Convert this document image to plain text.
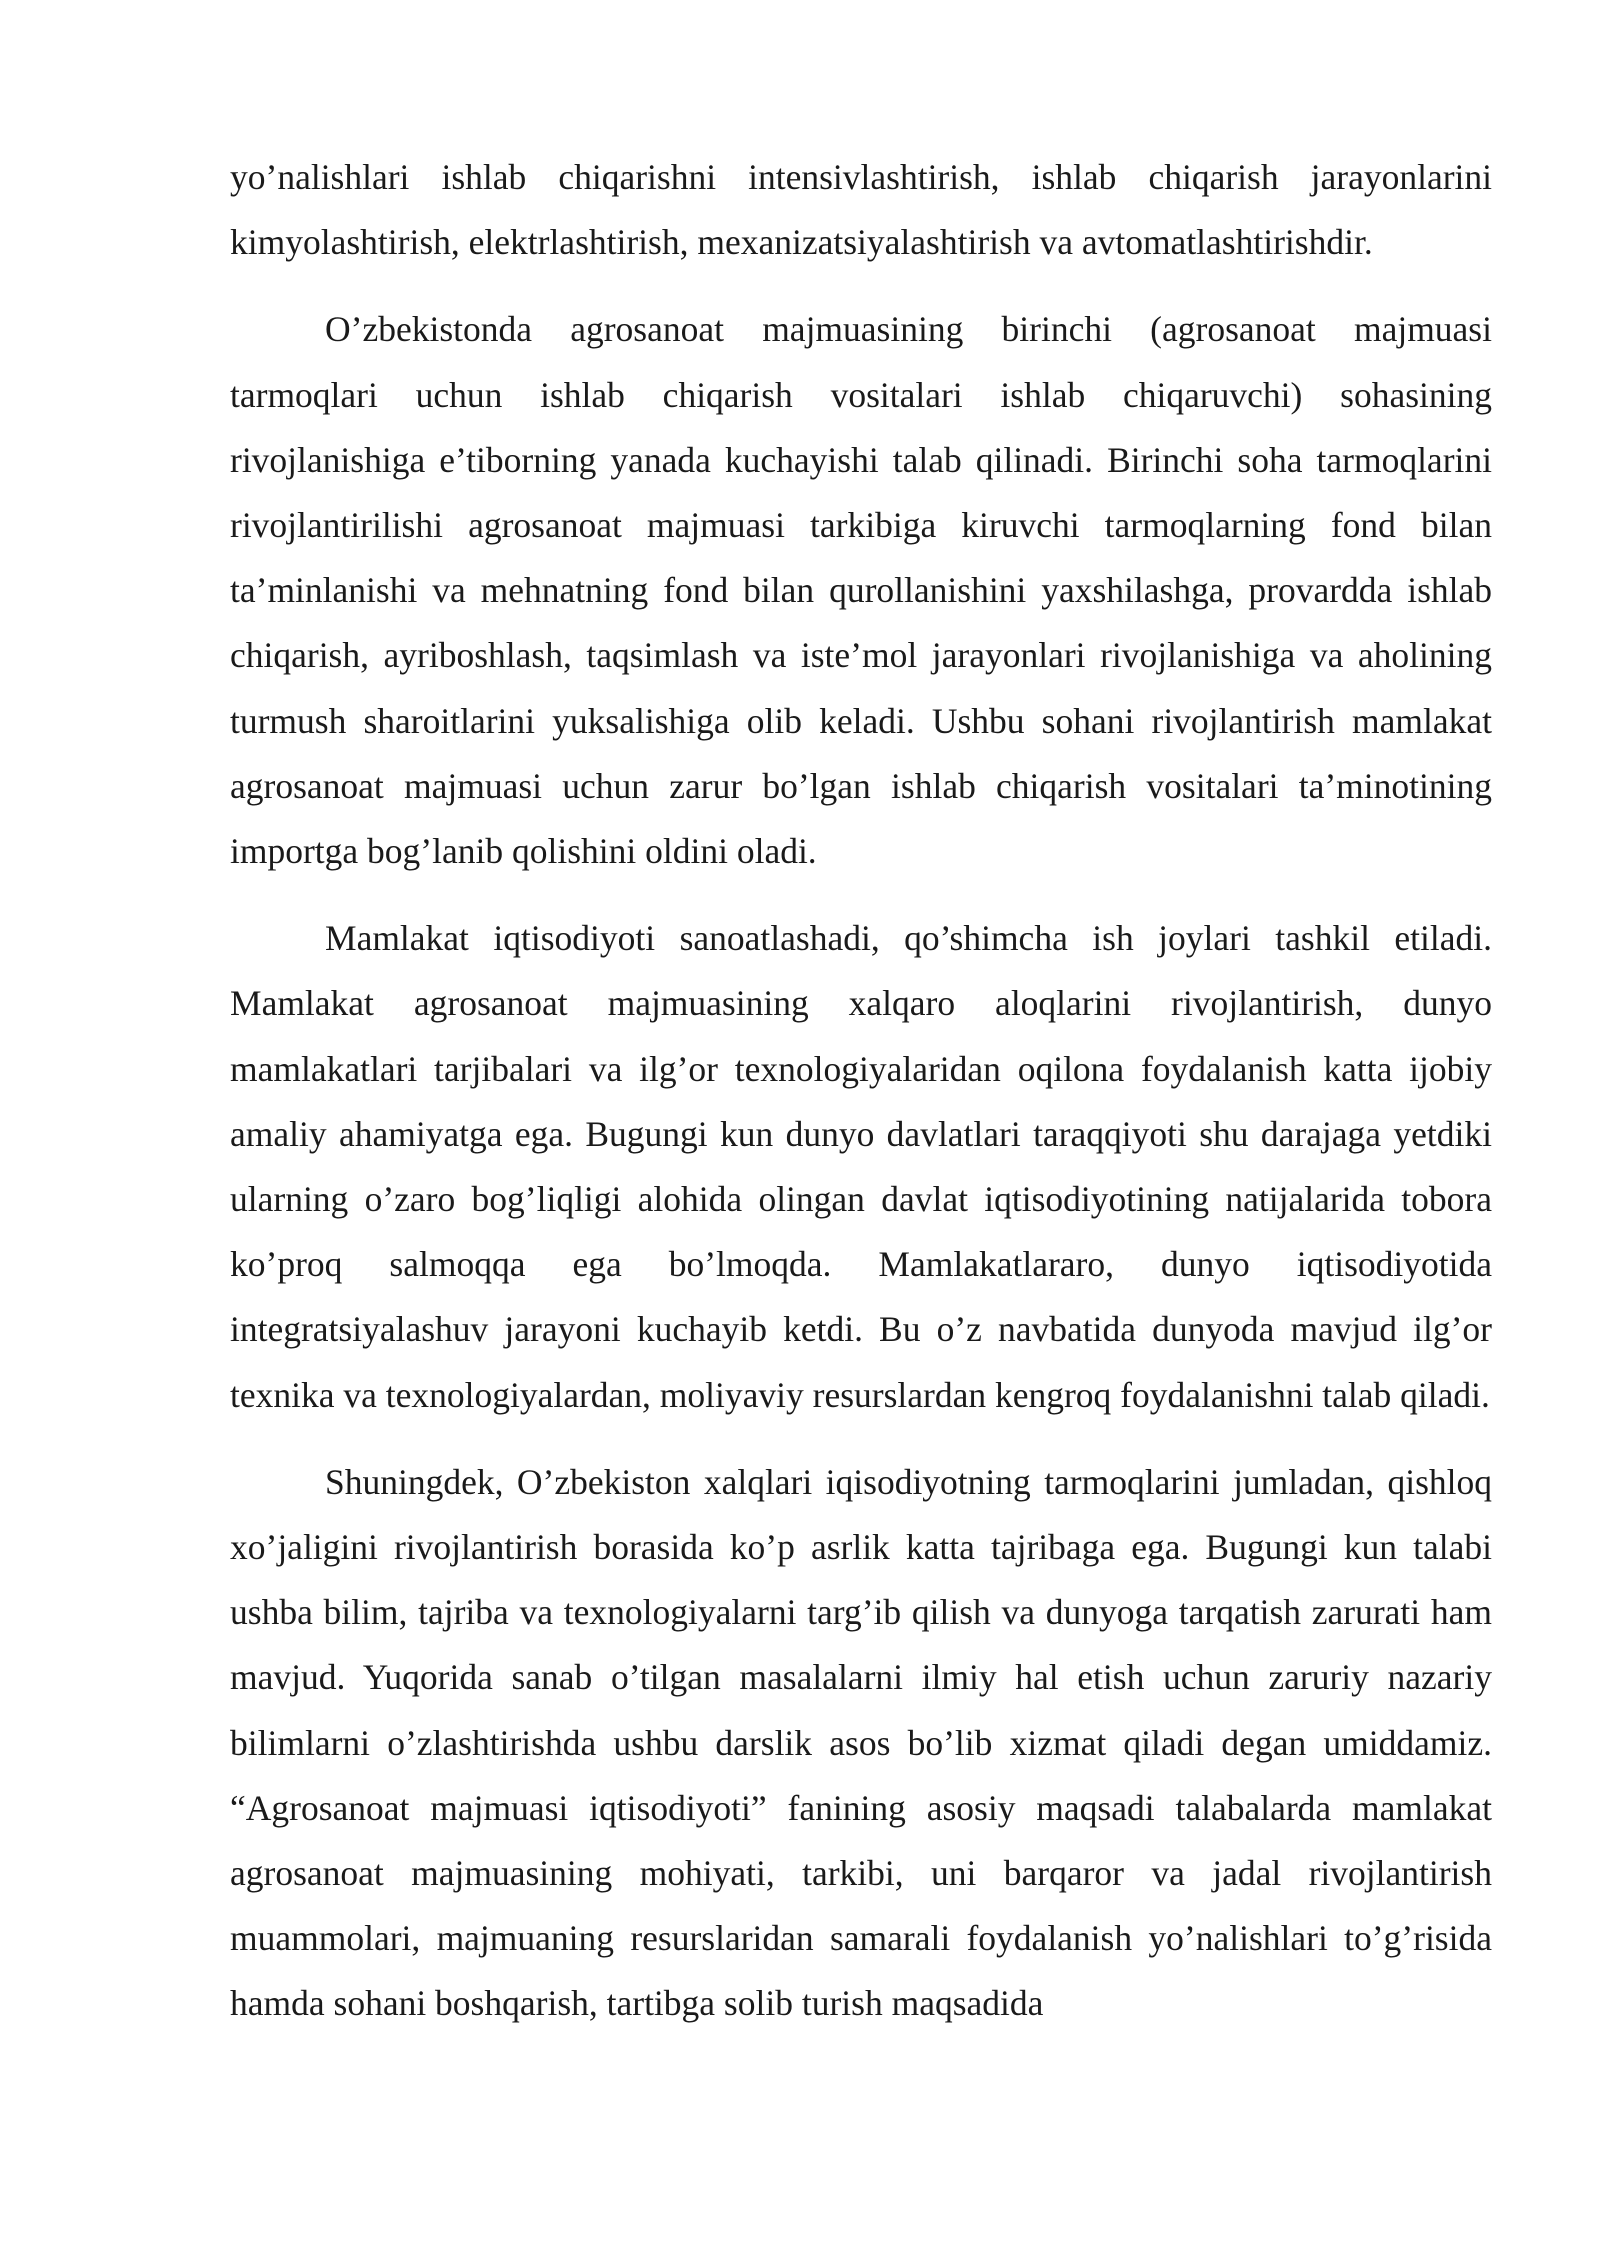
yo’nalishlari ishlab chiqarishni intensivlashtirish, ishlab chiqarish jarayonlarini kimyolashtirish, elektrlashtirish, mexanizatsiyalashtirish va avtomatlashtirishdir.

O’zbekistonda agrosanoat majmuasining birinchi (agrosanoat majmuasi tarmoqlari uchun ishlab chiqarish vositalari ishlab chiqaruvchi) sohasining rivojlanishiga e’tiborning yanada kuchayishi talab qilinadi. Birinchi soha tarmoqlarini rivojlantirilishi agrosanoat majmuasi tarkibiga kiruvchi tarmoqlarning fond bilan ta’minlanishi va mehnatning fond bilan qurollanishini yaxshilashga, provardda ishlab chiqarish, ayriboshlash, taqsimlash va iste’mol jarayonlari rivojlanishiga va aholining turmush sharoitlarini yuksalishiga olib keladi. Ushbu sohani rivojlantirish mamlakat agrosanoat majmuasi uchun zarur bo’lgan ishlab chiqarish vositalari ta’minotining importga bog’lanib qolishini oldini oladi.

Mamlakat iqtisodiyoti sanoatlashadi, qo’shimcha ish joylari tashkil etiladi. Mamlakat agrosanoat majmuasining xalqaro aloqlarini rivojlantirish, dunyo mamlakatlari tarjibalari va ilg’or texnologiyalaridan oqilona foydalanish katta ijobiy amaliy ahamiyatga ega. Bugungi kun dunyo davlatlari taraqqiyoti shu darajaga yetdiki ularning o’zaro bog’liqligi alohida olingan davlat iqtisodiyotining natijalarida tobora ko’proq salmoqqa ega bo’lmoqda. Mamlakatlararo, dunyo iqtisodiyotida integratsiyalashuv jarayoni kuchayib ketdi. Bu o’z navbatida dunyoda mavjud ilg’or texnika va texnologiyalardan, moliyaviy resurslardan kengroq foydalanishni talab qiladi.

Shuningdek, O’zbekiston xalqlari iqisodiyotning tarmoqlarini jumladan, qishloq xo’jaligini rivojlantirish borasida ko’p asrlik katta tajribaga ega. Bugungi kun talabi ushba bilim, tajriba va texnologiyalarni targ’ib qilish va dunyoga tarqatish zarurati ham mavjud. Yuqorida sanab o’tilgan masalalarni ilmiy hal etish uchun zaruriy nazariy bilimlarni o’zlashtirishda ushbu darslik asos bo’lib xizmat qiladi degan umiddamiz. “Agrosanoat majmuasi iqtisodiyoti” fanining asosiy maqsadi talabalarda mamlakat agrosanoat majmuasining mohiyati, tarkibi, uni barqaror va jadal rivojlantirish muammolari, majmuaning resurslaridan samarali foydalanish yo’nalishlari to’g’risida hamda sohani boshqarish, tartibga solib turish maqsadida
